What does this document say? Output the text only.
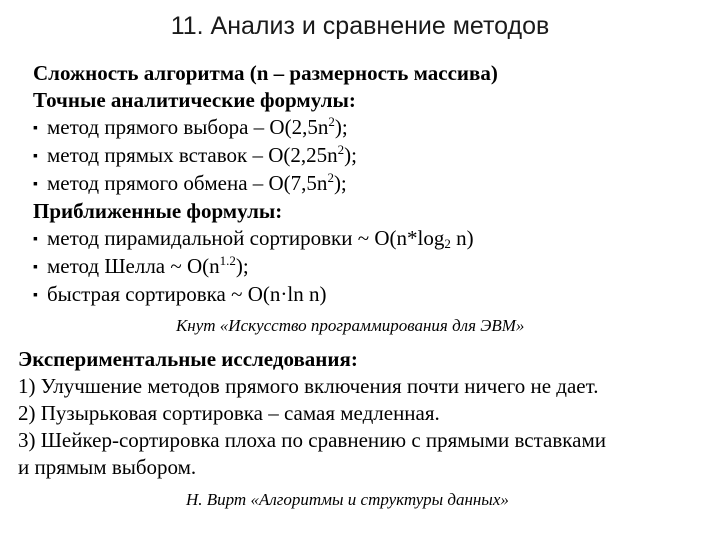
11. Анализ и сравнение методов
Сложность алгоритма (n – размерность массива)
Точные аналитические формулы:
▪ метод прямого выбора – $O(2,5n^2)$;
▪ метод прямых вставок – $O(2,25n^2)$;
▪ метод прямого обмена – $O(7,5n^2)$;
Приближенные формулы:
▪ метод пирамидальной сортировки ~ $O(n*\log_2$ n)
▪ метод Шелла ~ $O(n^{1.2})$;
▪ быстрая сортировка ~ O(n·ln n)
Кнут «Искусство программирования для ЭВМ»
Экспериментальные исследования:
1) Улучшение методов прямого включения почти ничего не дает.
2) Пузырьковая сортировка – самая медленная.
3) Шейкер-сортировка плоха по сравнению с прямыми вставками
и прямым выбором.
Н. Вирт «Алгоритмы и структуры данных»
